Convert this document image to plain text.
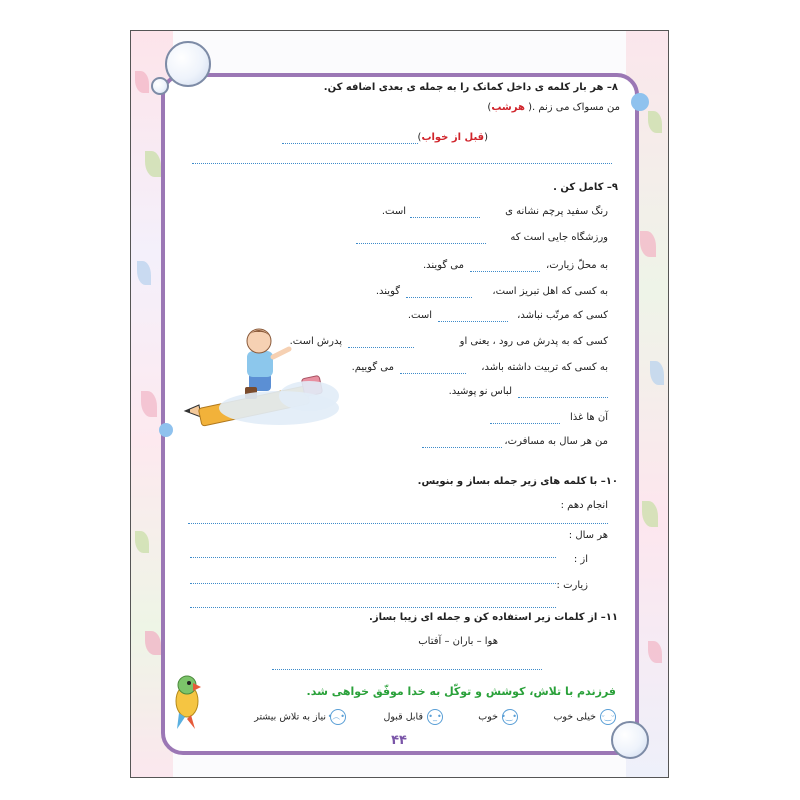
۸– هر بار کلمه ی داخل کمانک را به جمله ی بعدی اضافه کن.
من مسواک می زنم .( هرشب)
(قبل از خواب)
۹– کامل کن .
رنگ سفید پرچم نشانه ی
است.
ورزشگاه جایی است که
به محلّ زیارت،
می گویند.
به کسی که اهل تبریز است،
گویند.
کسی که مرتّب نباشد،
است.
کسی که به پدرش می رود ، یعنی او
پدرش است.
به کسی که تربیت داشته باشد،
می گوییم.
لباس نو پوشید.
آن ها غذا
من هر سال به مسافرت،
۱۰– با کلمه های زیر جمله بساز و بنویس.
انجام دهم :
هر سال :
از :
زیارت :
۱۱– از کلمات زیر استفاده کن و جمله ای زیبا بساز.
هوا – باران – آفتاب
فرزندم با تلاش، کوشش و توکّل به خدا موفّق خواهی شد.
ᵕ‿ᵕخیلی خوب
•‿•خوب
•_•قابل قبول
•︵•نیاز به تلاش بیشتر
۴۴
